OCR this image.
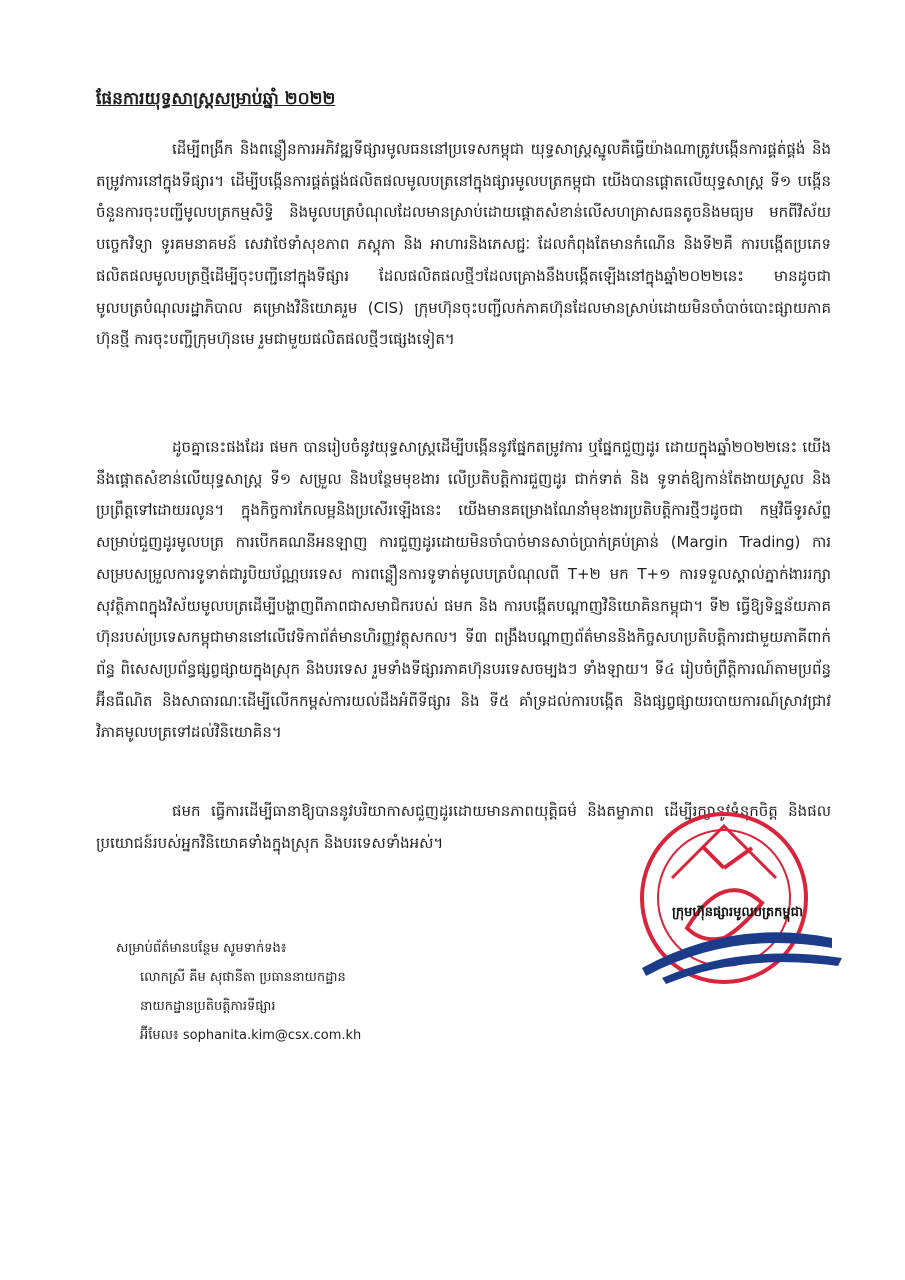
ផែនការយុទ្ធសាស្ត្រសម្រាប់ឆ្នាំ ២០២២

ដើម្បីពង្រីក និងពន្លឿនការអភិវឌ្ឍទីផ្សារមូលធននៅប្រទេសកម្ពុជា យុទ្ធសាស្ត្រស្នូលគឺធ្វើយ៉ាងណាត្រូវបង្កើនការផ្គត់ផ្គង់ និងតម្រូវការនៅក្នុងទីផ្សារ។ ដើម្បីបង្កើនការផ្គត់ផ្គង់ផលិតផលមូលបត្រនៅក្នុងផ្សារមូលបត្រកម្ពុជា យើងបានផ្ដោតលើយុទ្ធសាស្ត្រ ទី១ បង្កើនចំនួនការចុះបញ្ជីមូលបត្រកម្មសិទ្ធិ និងមូលបត្របំណុលដែលមានស្រាប់ដោយផ្ដោតសំខាន់លើសហគ្រាសធនតូចនិងមធ្យម មកពីវិស័យបច្ចេកវិទ្យា ទូរគមនាគមន៍ សេវាថែទាំសុខភាព ភស្តុភា និង អាហារនិងភេសជ្ជៈ ដែលកំពុងតែមានកំណើន និងទី២គឺ ការបង្កើតប្រភេទផលិតផលមូលបត្រថ្មីដើម្បីចុះបញ្ជីនៅក្នុងទីផ្សារ ដែលផលិតផលថ្មីៗដែលគ្រោងនឹងបង្កើតឡើងនៅក្នុងឆ្នាំ២០២២នេះ មានដូចជា មូលបត្របំណុលរដ្ឋាភិបាល គម្រោងវិនិយោគរួម (CIS) ក្រុមហ៊ុនចុះបញ្ជីលក់ភាគហ៊ុនដែលមានស្រាប់ដោយមិនចាំបាច់បោះផ្សាយភាគហ៊ុនថ្មី ការចុះបញ្ជីក្រុមហ៊ុនមេ រួមជាមួយផលិតផលថ្មីៗផ្សេងទៀត។

ដូចគ្នានេះផងដែរ ផមក បានរៀបចំនូវយុទ្ធសាស្ត្រដើម្បីបង្កើននូវផ្នែកតម្រូវការ ឬផ្នែកជួញដូរ ដោយក្នុងឆ្នាំ២០២២នេះ យើងនឹងផ្ដោតសំខាន់លើយុទ្ធសាស្ត្រ ទី១ សម្រួល និងបន្ថែមមុខងារ លើប្រតិបត្តិការជួញដូរ ជាក់ទាត់ និង ទូទាត់ឱ្យកាន់តែងាយស្រួល និងប្រព្រឹត្តទៅដោយរលូន។ ក្នុងកិច្ចការកែលម្អនិងប្រសើរឡើងនេះ យើងមានគម្រោងណែនាំមុខងារប្រតិបត្តិការថ្មីៗដូចជា កម្មវិធីទូរស័ព្ទសម្រាប់ជួញដូរមូលបត្រ ការបើកគណនីអនឡាញ ការជួញដូរដោយមិនចាំបាច់មានសាច់ប្រាក់គ្រប់គ្រាន់ (Margin Trading) ការសម្របសម្រួលការទូទាត់ជារូបិយប័ណ្ណបរទេស ការពន្លឿនការទូទាត់មូលបត្របំណុលពី T+២ មក T+១ ការទទួលស្គាល់ភ្នាក់ងាររក្សាសុវត្ថិភាពក្នុងវិស័យមូលបត្រដើម្បីបង្ហាញពីភាពជាសមាជិករបស់ ផមក និង ការបង្កើតបណ្ដាញវិនិយោគិនកម្ពុជា។ ទី២ ធ្វើឱ្យទិន្នន័យភាគហ៊ុនរបស់ប្រទេសកម្ពុជាមាននៅលើវេទិកាព័ត៌មានហិរញ្ញវត្ថុសកល។ ទី៣ ពង្រឹងបណ្ដាញព័ត៌មាននិងកិច្ចសហប្រតិបត្តិការជាមួយភាគីពាក់ព័ន្ធ ពិសេសប្រព័ន្ធផ្សព្វផ្សាយក្នុងស្រុក និងបរទេស រួមទាំងទីផ្សារភាគហ៊ុនបរទេសចម្បងៗ ទាំងឡាយ។ ទី៤ រៀបចំព្រឹត្តិការណ៍តាមប្រព័ន្ធអ៊ីនធឺណិត និងសាធារណៈដើម្បីលើកកម្ពស់ការយល់ដឹងអំពីទីផ្សារ និង ទី៥ គាំទ្រដល់ការបង្កើត និងផ្សព្វផ្សាយរបាយការណ៍ស្រាវជ្រាវវិភាគមូលបត្រទៅដល់វិនិយោគិន។

ផមក ធ្វើការដើម្បីធានាឱ្យបាននូវបរិយាកាសជួញដូរដោយមានភាពយុត្តិធម៌ និងតម្លាភាព ដើម្បីរក្សានូវទំនុកចិត្ត និងផលប្រយោជន៍របស់អ្នកវិនិយោគទាំងក្នុងស្រុក និងបរទេសទាំងអស់។

ក្រុមហ៊ុនផ្សារមូលបត្រកម្ពុជា
សម្រាប់ព័ត៌មានបន្ថែម សូមទាក់ទង៖
លោកស្រី គីម សុផានីតា ប្រធាននាយកដ្ឋាន
នាយកដ្ឋានប្រតិបត្តិការទីផ្សារ
អ៊ីមែល៖ sophanita.kim@csx.com.kh
